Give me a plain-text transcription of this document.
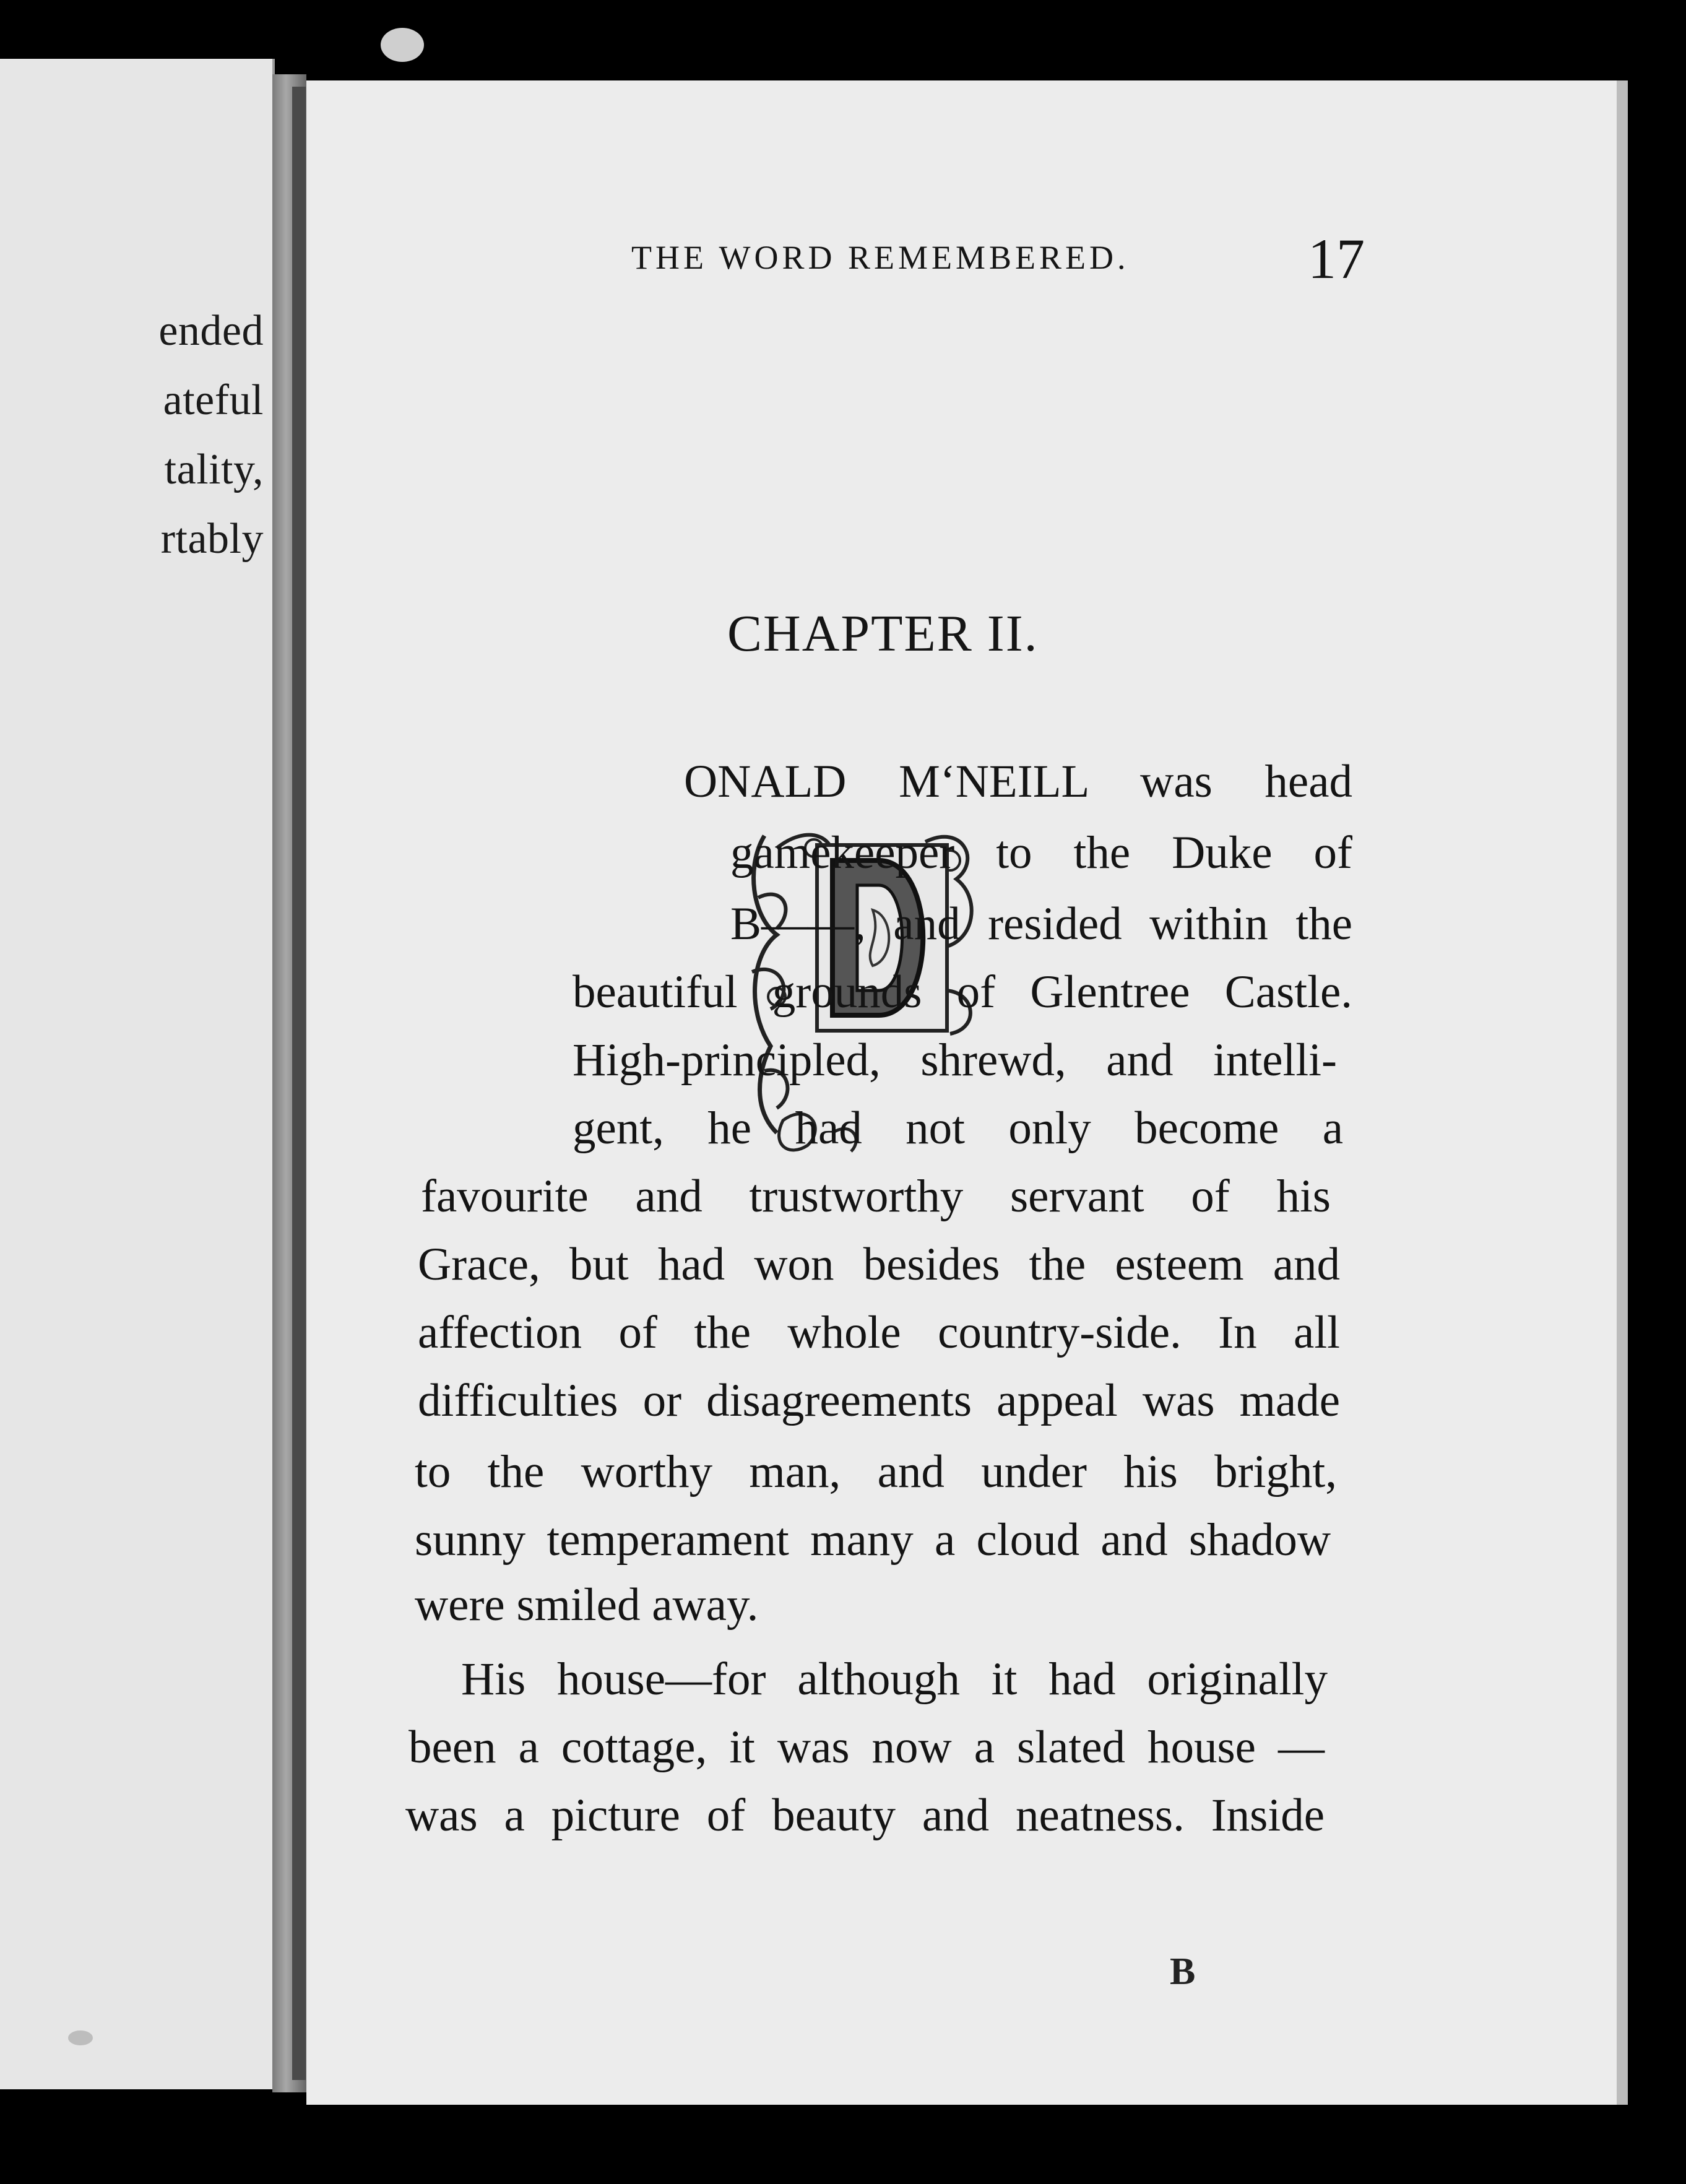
ended
ateful
tality,
rtably
THE WORD REMEMBERED.	17
CHAPTER II.
B
ONALD M‘NEILL was head
gamekeeper to the Duke of
B——, and resided within the
beautiful grounds of Glentree Castle.
High-principled, shrewd, and intelli-
gent, he had not only become a
favourite and trustworthy servant of his
Grace, but had won besides the esteem and
affection of the whole country-side. In all
difficulties or disagreements appeal was made
to the worthy man, and under his bright,
sunny temperament many a cloud and shadow
were smiled away.
His house—for although it had originally
been a cottage, it was now a slated house —
was a picture of beauty and neatness. Inside
